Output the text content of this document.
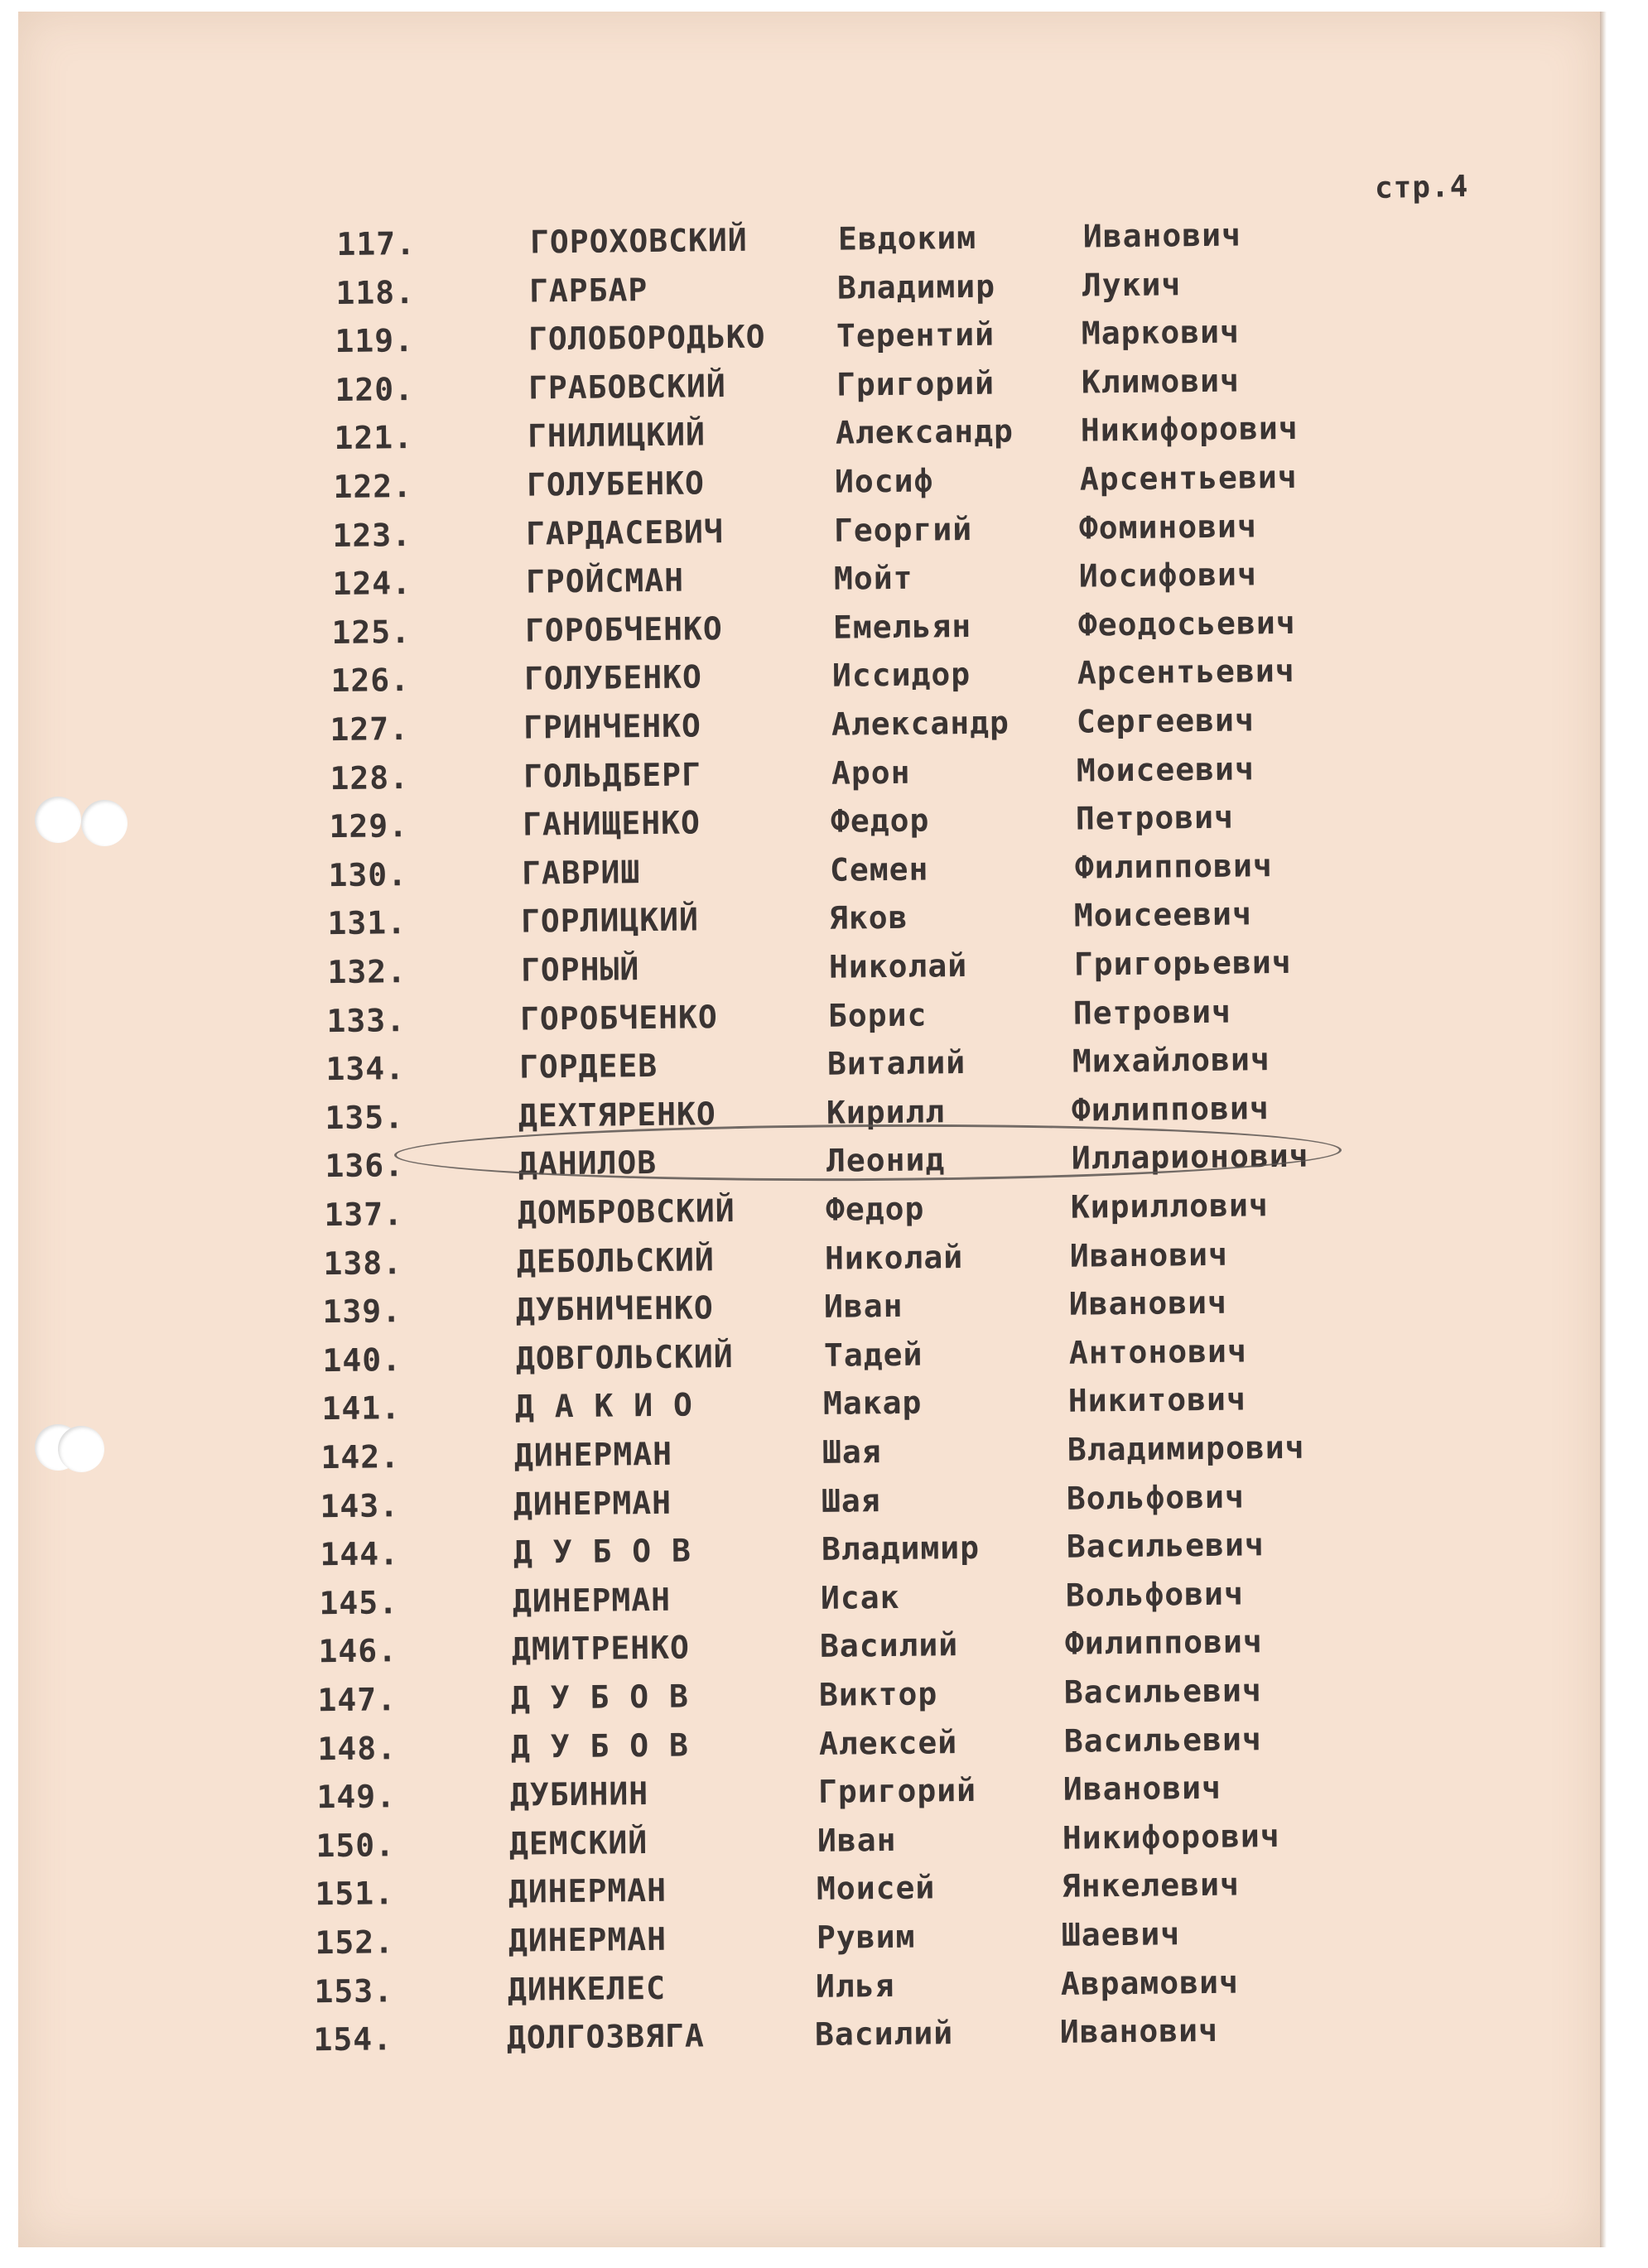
стр.4
117.	ГОРОХОВСКИЙ	Евдоким	Иванович
118.	ГАРБАР	Владимир	Лукич
119.	ГОЛОБОРОДЬКО	Терентий	Маркович
120.	ГРАБОВСКИЙ	Григорий	Климович
121.	ГНИЛИЦКИЙ	Александр	Никифорович
122.	ГОЛУБЕНКО	Иосиф	Арсентьевич
123.	ГАРДАСЕВИЧ	Георгий	Фоминович
124.	ГРОЙСМАН	Мойт	Иосифович
125.	ГОРОБЧЕНКО	Емельян	Феодосьевич
126.	ГОЛУБЕНКО	Иссидор	Арсентьевич
127.	ГРИНЧЕНКО	Александр	Сергеевич
128.	ГОЛЬДБЕРГ	Арон	Моисеевич
129.	ГАНИЩЕНКО	Федор	Петрович
130.	ГАВРИШ	Семен	Филиппович
131.	ГОРЛИЦКИЙ	Яков	Моисеевич
132.	ГОРНЫЙ	Николай	Григорьевич
133.	ГОРОБЧЕНКО	Борис	Петрович
134.	ГОРДЕЕВ	Виталий	Михайлович
135.	ДЕХТЯРЕНКО	Кирилл	Филиппович
136.	ДАНИЛОВ	Леонид	Илларионович
137.	ДОМБРОВСКИЙ	Федор	Кириллович
138.	ДЕБОЛЬСКИЙ	Николай	Иванович
139.	ДУБНИЧЕНКО	Иван	Иванович
140.	ДОВГОЛЬСКИЙ	Тадей	Антонович
141.	Д А К И О	Макар	Никитович
142.	ДИНЕРМАН	Шая	Владимирович
143.	ДИНЕРМАН	Шая	Вольфович
144.	Д У Б О В	Владимир	Васильевич
145.	ДИНЕРМАН	Исак	Вольфович
146.	ДМИТРЕНКО	Василий	Филиппович
147.	Д У Б О В	Виктор	Васильевич
148.	Д У Б О В	Алексей	Васильевич
149.	ДУБИНИН	Григорий	Иванович
150.	ДЕМСКИЙ	Иван	Никифорович
151.	ДИНЕРМАН	Моисей	Янкелевич
152.	ДИНЕРМАН	Рувим	Шаевич
153.	ДИНКЕЛЕС	Илья	Аврамович
154.	ДОЛГОЗВЯГА	Василий	Иванович
